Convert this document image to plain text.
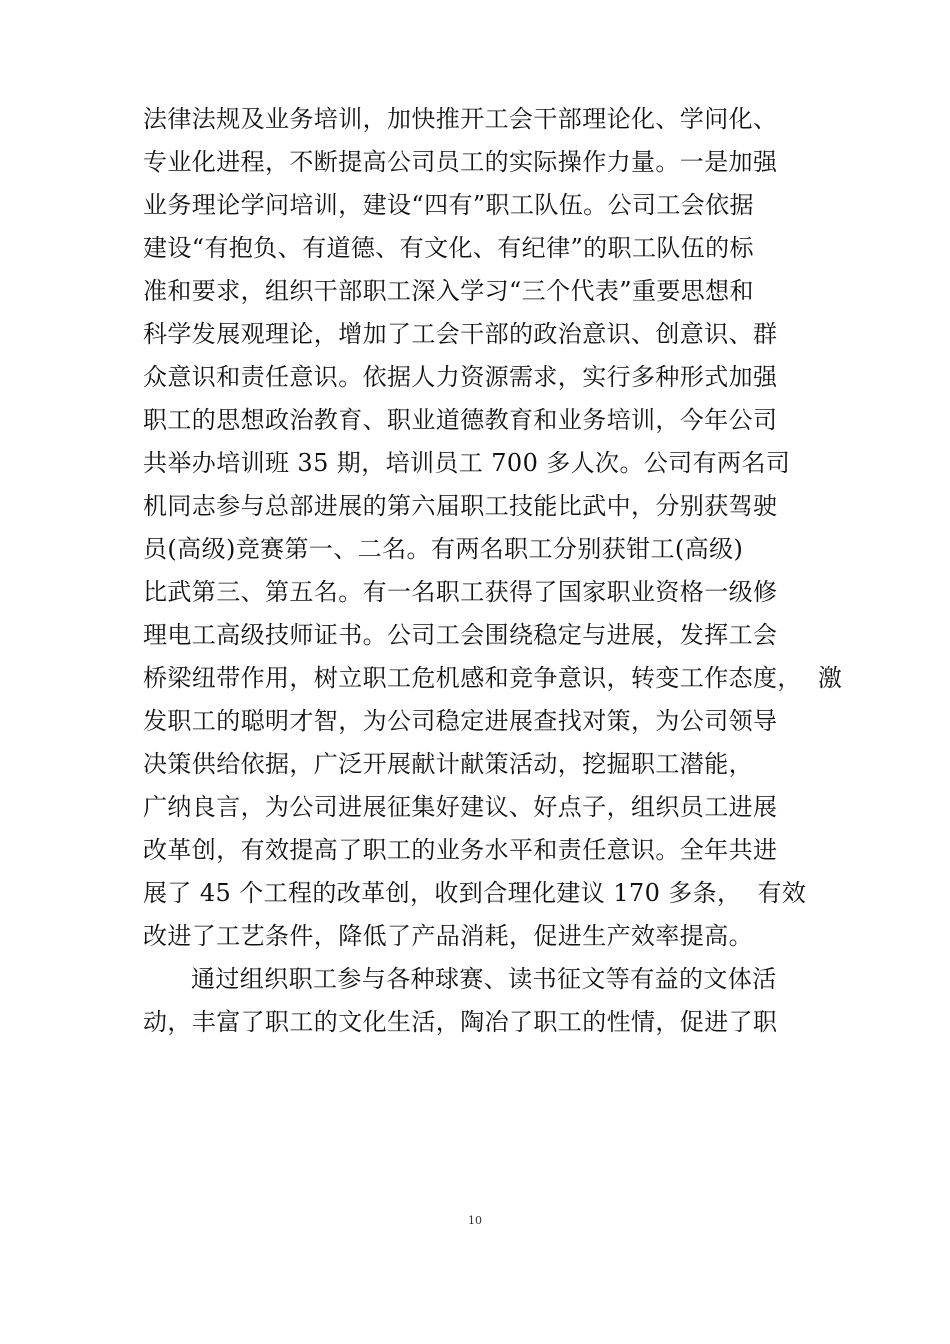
法律法规及业务培训，加快推开工会干部理论化、学问化、
专业化进程，不断提高公司员工的实际操作力量。一是加强
业务理论学问培训，建设“四有”职工队伍。公司工会依据
建设“有抱负、有道德、有文化、有纪律”的职工队伍的标
准和要求，组织干部职工深入学习“三个代表”重要思想和
科学发展观理论，增加了工会干部的政治意识、创意识、群
众意识和责任意识。依据人力资源需求，实行多种形式加强
职工的思想政治教育、职业道德教育和业务培训，今年公司
共举办培训班 35 期，培训员工 700 多人次。公司有两名司
机同志参与总部进展的第六届职工技能比武中，分别获驾驶
员(高级)竞赛第一、二名。有两名职工分别获钳工(高级)
比武第三、第五名。有一名职工获得了国家职业资格一级修
理电工高级技师证书。公司工会围绕稳定与进展，发挥工会
桥梁纽带作用，树立职工危机感和竞争意识，转变工作态度，  激
发职工的聪明才智，为公司稳定进展查找对策，为公司领导
决策供给依据，广泛开展献计献策活动，挖掘职工潜能，
广纳良言，为公司进展征集好建议、好点子，组织员工进展
改革创，有效提高了职工的业务水平和责任意识。全年共进
展了 45 个工程的改革创，收到合理化建议 170 多条，  有效
改进了工艺条件，降低了产品消耗，促进生产效率提高。
通过组织职工参与各种球赛、读书征文等有益的文体活
动，丰富了职工的文化生活，陶冶了职工的性情，促进了职
10
